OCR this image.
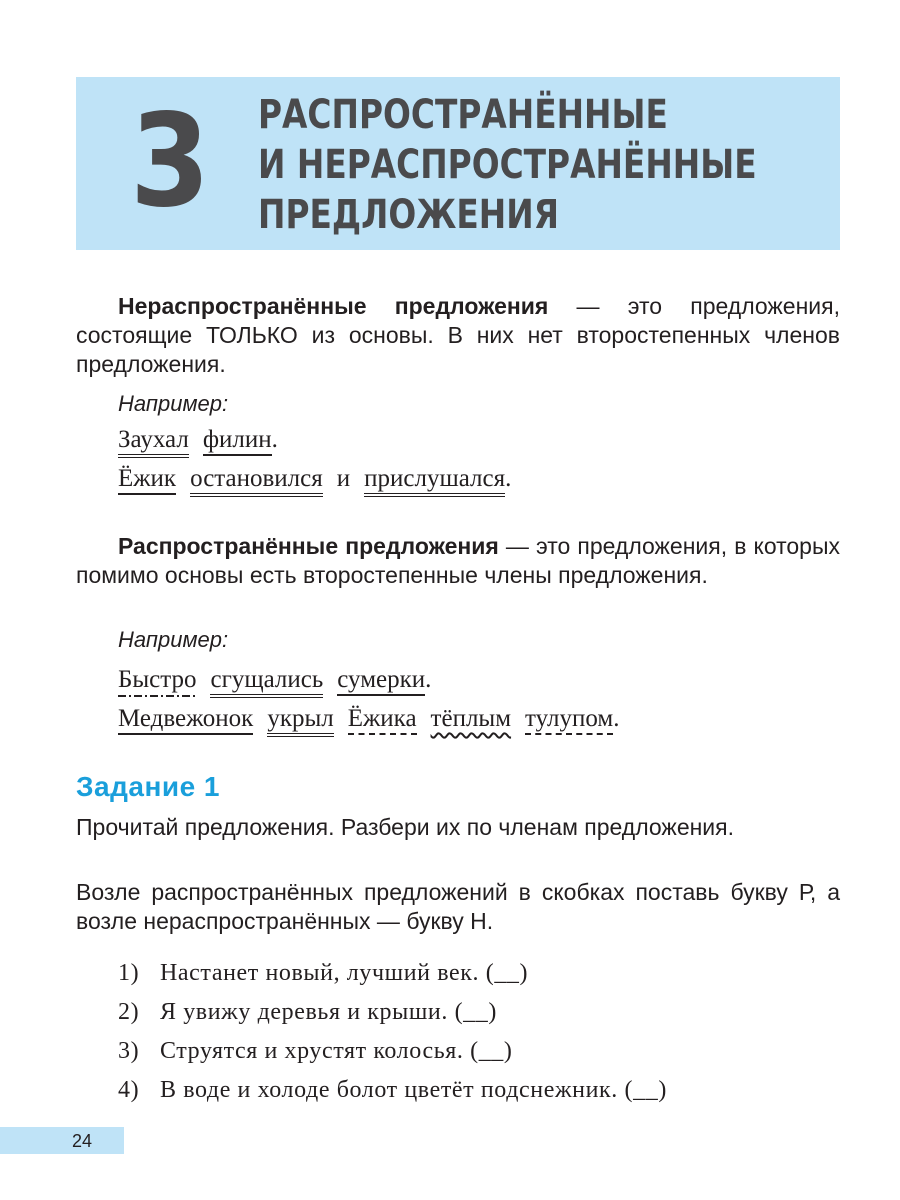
3 РАСПРОСТРАНЁННЫЕ
И НЕРАСПРОСТРАНЁННЫЕ
ПРЕДЛОЖЕНИЯ
Нераспространённые предложения — это предложения, состоящие ТОЛЬКО из основы. В них нет второстепенных членов предложения.
Например:
Заухал филин.
Ёжик остановился и прислушался.
Распространённые предложения — это предложения, в которых помимо основы есть второстепенные члены предложения.
Например:
Быстро сгущались сумерки.
Медвежонок укрыл Ёжика тёплым тулупом.
Задание 1
Прочитай предложения. Разбери их по членам предложения.
Возле распространённых предложений в скобках поставь букву Р, а возле нераспространённых — букву Н.
1) Настанет новый, лучший век. (__)
2) Я увижу деревья и крыши. (__)
3) Струятся и хрустят колосья. (__)
4) В воде и холоде болот цветёт подснежник. (__)
24
